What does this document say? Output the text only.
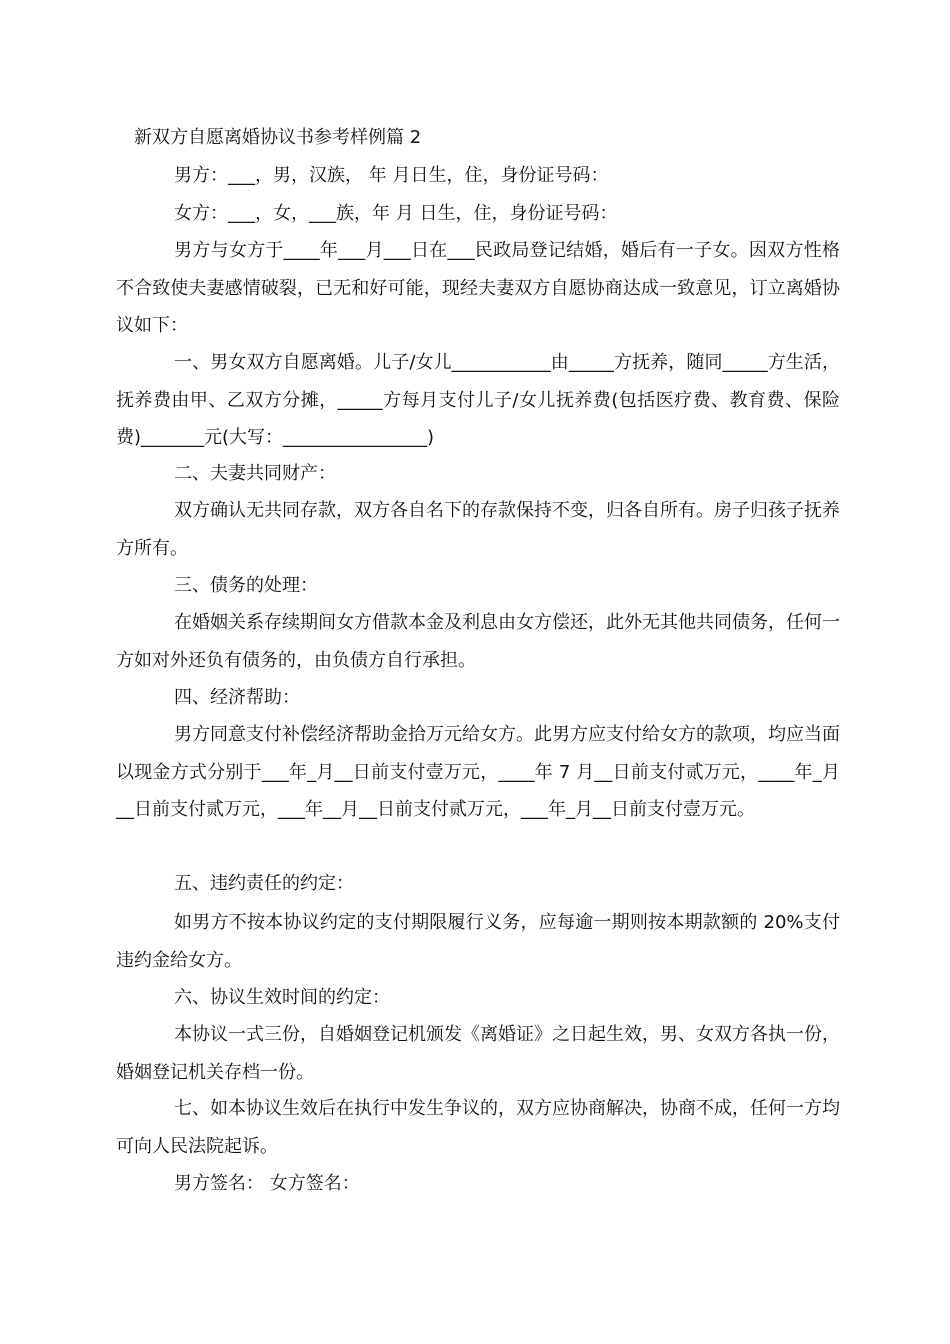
新双方自愿离婚协议书参考样例篇 2
男方：___，男，汉族， 年 月日生，住，身份证号码：
女方：___，女，___族，年 月 日生，住，身份证号码：
男方与女方于____年___月___日在___民政局登记结婚，婚后有一子女。因双方性格不合致使夫妻感情破裂，已无和好可能，现经夫妻双方自愿协商达成一致意见，订立离婚协议如下：
一、男女双方自愿离婚。儿子/女儿___________由_____方抚养，随同_____方生活，抚养费由甲、乙双方分摊，_____方每月支付儿子/女儿抚养费(包括医疗费、教育费、保险费)_______元(大写：________________)
二、夫妻共同财产：
双方确认无共同存款，双方各自名下的存款保持不变，归各自所有。房子归孩子抚养方所有。
三、债务的处理：
在婚姻关系存续期间女方借款本金及利息由女方偿还，此外无其他共同债务，任何一方如对外还负有债务的，由负债方自行承担。
四、经济帮助：
男方同意支付补偿经济帮助金拾万元给女方。此男方应支付给女方的款项，均应当面以现金方式分别于___年_月__日前支付壹万元，____年 7 月__日前支付贰万元，____年_月__日前支付贰万元，___年__月__日前支付贰万元，___年_月__日前支付壹万元。
五、违约责任的约定：
如男方不按本协议约定的支付期限履行义务，应每逾一期则按本期款额的 20%支付违约金给女方。
六、协议生效时间的约定：
本协议一式三份，自婚姻登记机颁发《离婚证》之日起生效，男、女双方各执一份，婚姻登记机关存档一份。
七、如本协议生效后在执行中发生争议的，双方应协商解决，协商不成，任何一方均可向人民法院起诉。
男方签名： 女方签名：
